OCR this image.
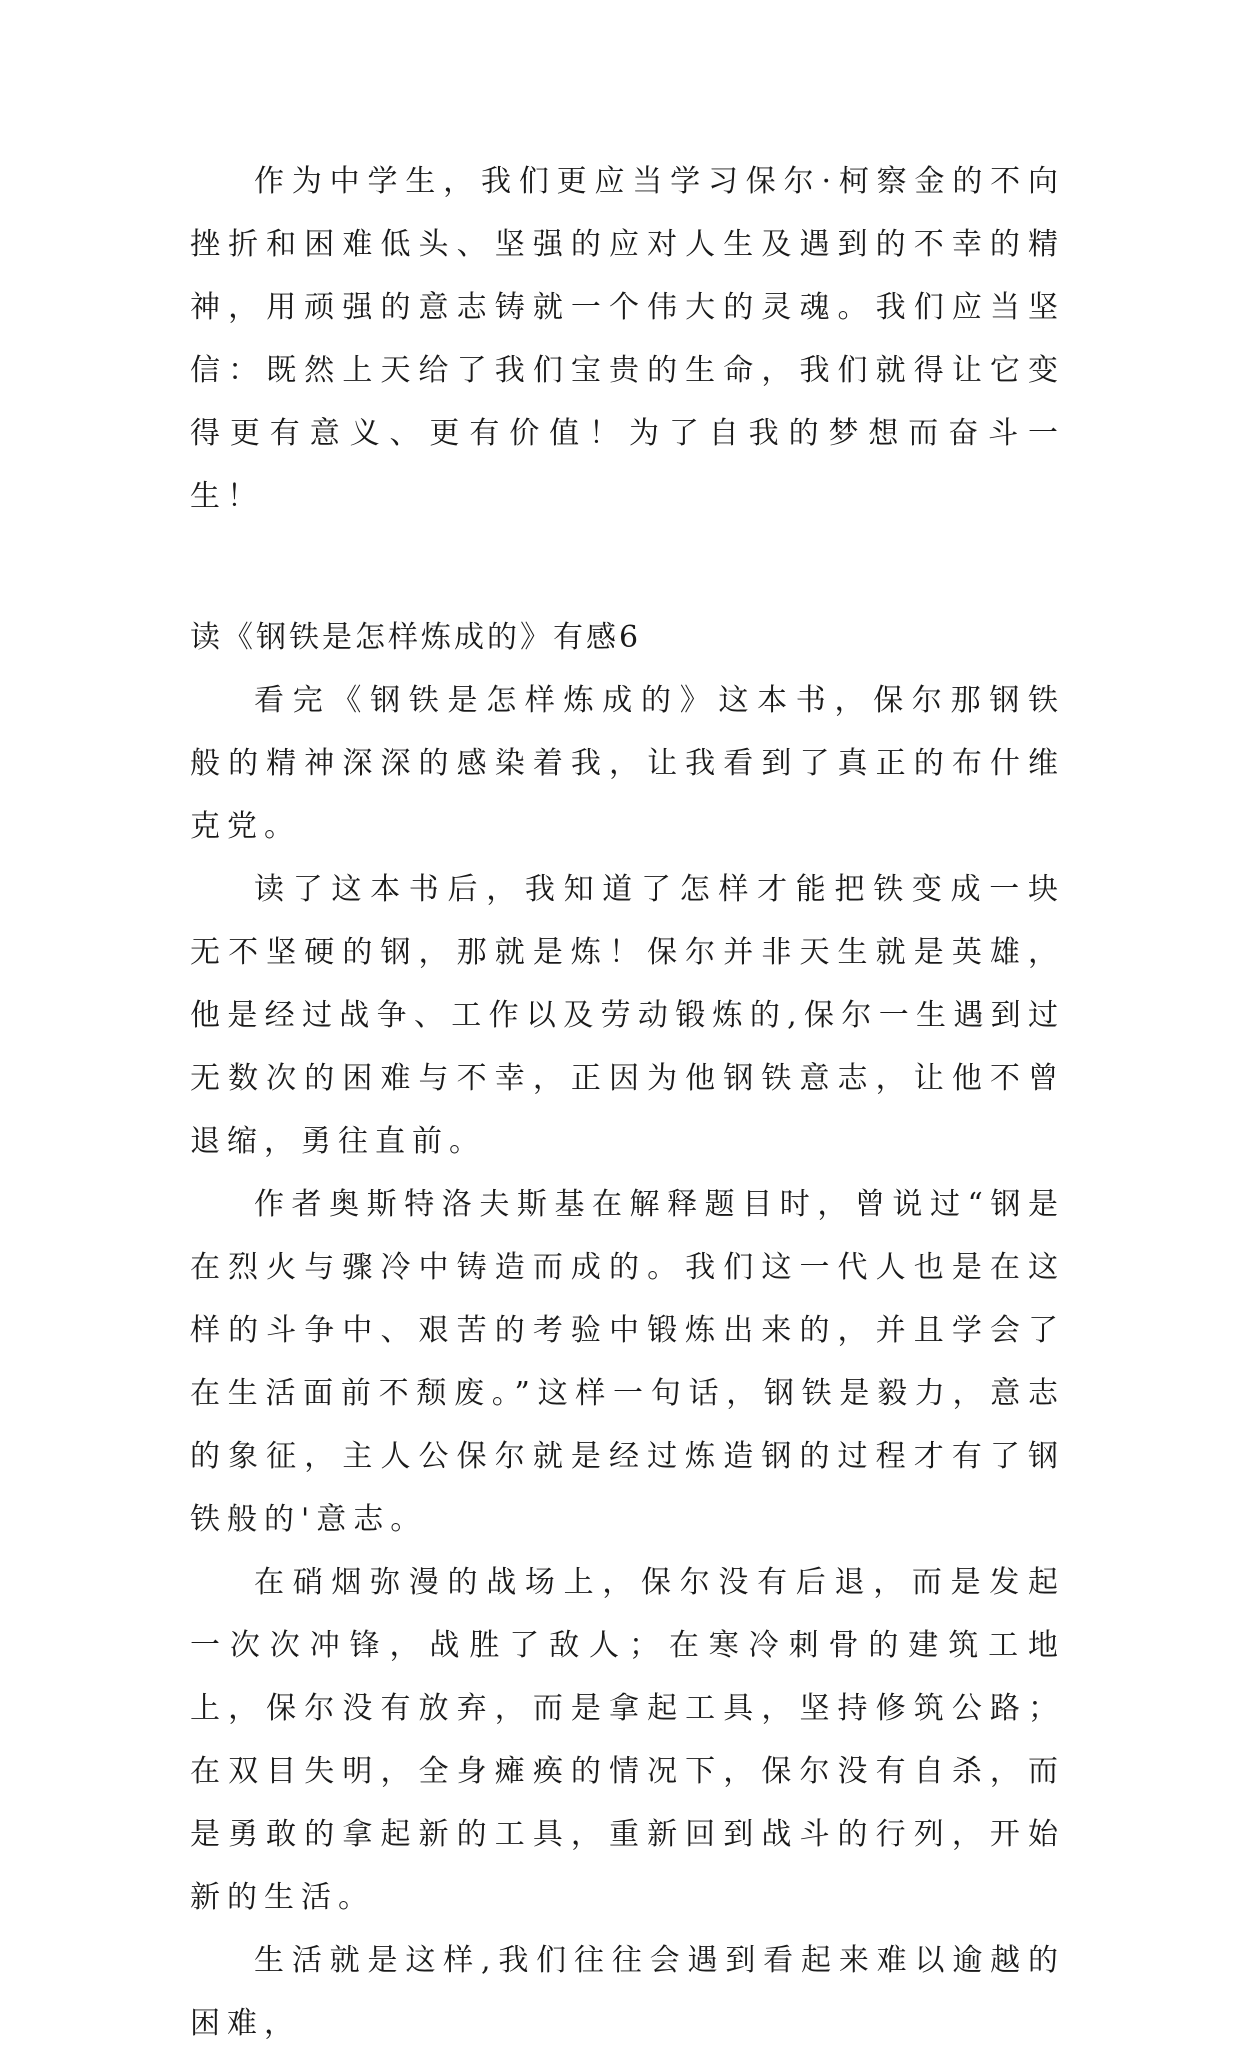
作为中学生，我们更应当学习保尔·柯察金的不向挫折和困难低头、坚强的应对人生及遇到的不幸的精神，用顽强的意志铸就一个伟大的灵魂。我们应当坚信：既然上天给了我们宝贵的生命，我们就得让它变得更有意义、更有价值！为了自我的梦想而奋斗一生！

读《钢铁是怎样炼成的》有感6

看完《钢铁是怎样炼成的》这本书，保尔那钢铁般的精神深深的感染着我，让我看到了真正的布什维克党。

读了这本书后，我知道了怎样才能把铁变成一块无不坚硬的钢，那就是炼！保尔并非天生就是英雄，他是经过战争、工作以及劳动锻炼的,保尔一生遇到过无数次的困难与不幸，正因为他钢铁意志，让他不曾退缩，勇往直前。

作者奥斯特洛夫斯基在解释题目时，曾说过“钢是在烈火与骤冷中铸造而成的。我们这一代人也是在这样的斗争中、艰苦的考验中锻炼出来的，并且学会了在生活面前不颓废。”这样一句话，钢铁是毅力，意志的象征，主人公保尔就是经过炼造钢的过程才有了钢铁般的'意志。

在硝烟弥漫的战场上，保尔没有后退，而是发起一次次冲锋，战胜了敌人；在寒冷刺骨的建筑工地上，保尔没有放弃，而是拿起工具，坚持修筑公路；在双目失明，全身瘫痪的情况下，保尔没有自杀，而是勇敢的拿起新的工具，重新回到战斗的行列，开始新的生活。

生活就是这样,我们往往会遇到看起来难以逾越的困难，
